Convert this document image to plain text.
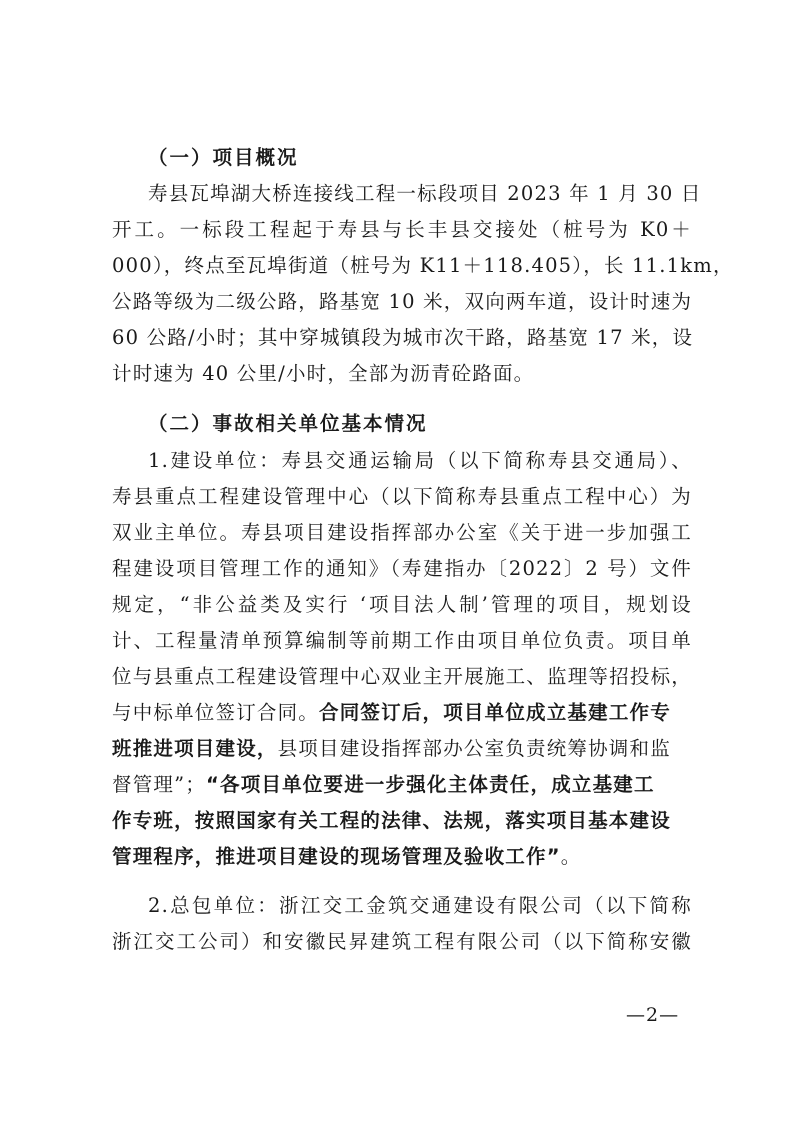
（一）项目概况
寿县瓦埠湖大桥连接线工程一标段项目 2023 年 1 月 30 日
开工。一标段工程起于寿县与长丰县交接处（桩号为 K0＋
000），终点至瓦埠街道（桩号为 K11＋118.405），长 11.1km，
公路等级为二级公路，路基宽 10 米，双向两车道，设计时速为
60 公路/小时；其中穿城镇段为城市次干路，路基宽 17 米，设
计时速为 40 公里/小时，全部为沥青砼路面。
（二）事故相关单位基本情况
1.建设单位：寿县交通运输局（以下简称寿县交通局）、
寿县重点工程建设管理中心（以下简称寿县重点工程中心）为
双业主单位。寿县项目建设指挥部办公室《关于进一步加强工
程建设项目管理工作的通知》（寿建指办〔2022〕2 号）文件
规定，“非公益类及实行 ‘项目法人制’管理的项目，规划设
计、工程量清单预算编制等前期工作由项目单位负责。项目单
位与县重点工程建设管理中心双业主开展施工、监理等招投标，
与中标单位签订合同。合同签订后，项目单位成立基建工作专
班推进项目建设，县项目建设指挥部办公室负责统筹协调和监
督管理”；“各项目单位要进一步强化主体责任，成立基建工
作专班，按照国家有关工程的法律、法规，落实项目基本建设
管理程序，推进项目建设的现场管理及验收工作”。
2.总包单位：浙江交工金筑交通建设有限公司（以下简称
浙江交工公司）和安徽民昇建筑工程有限公司（以下简称安徽
—2—
